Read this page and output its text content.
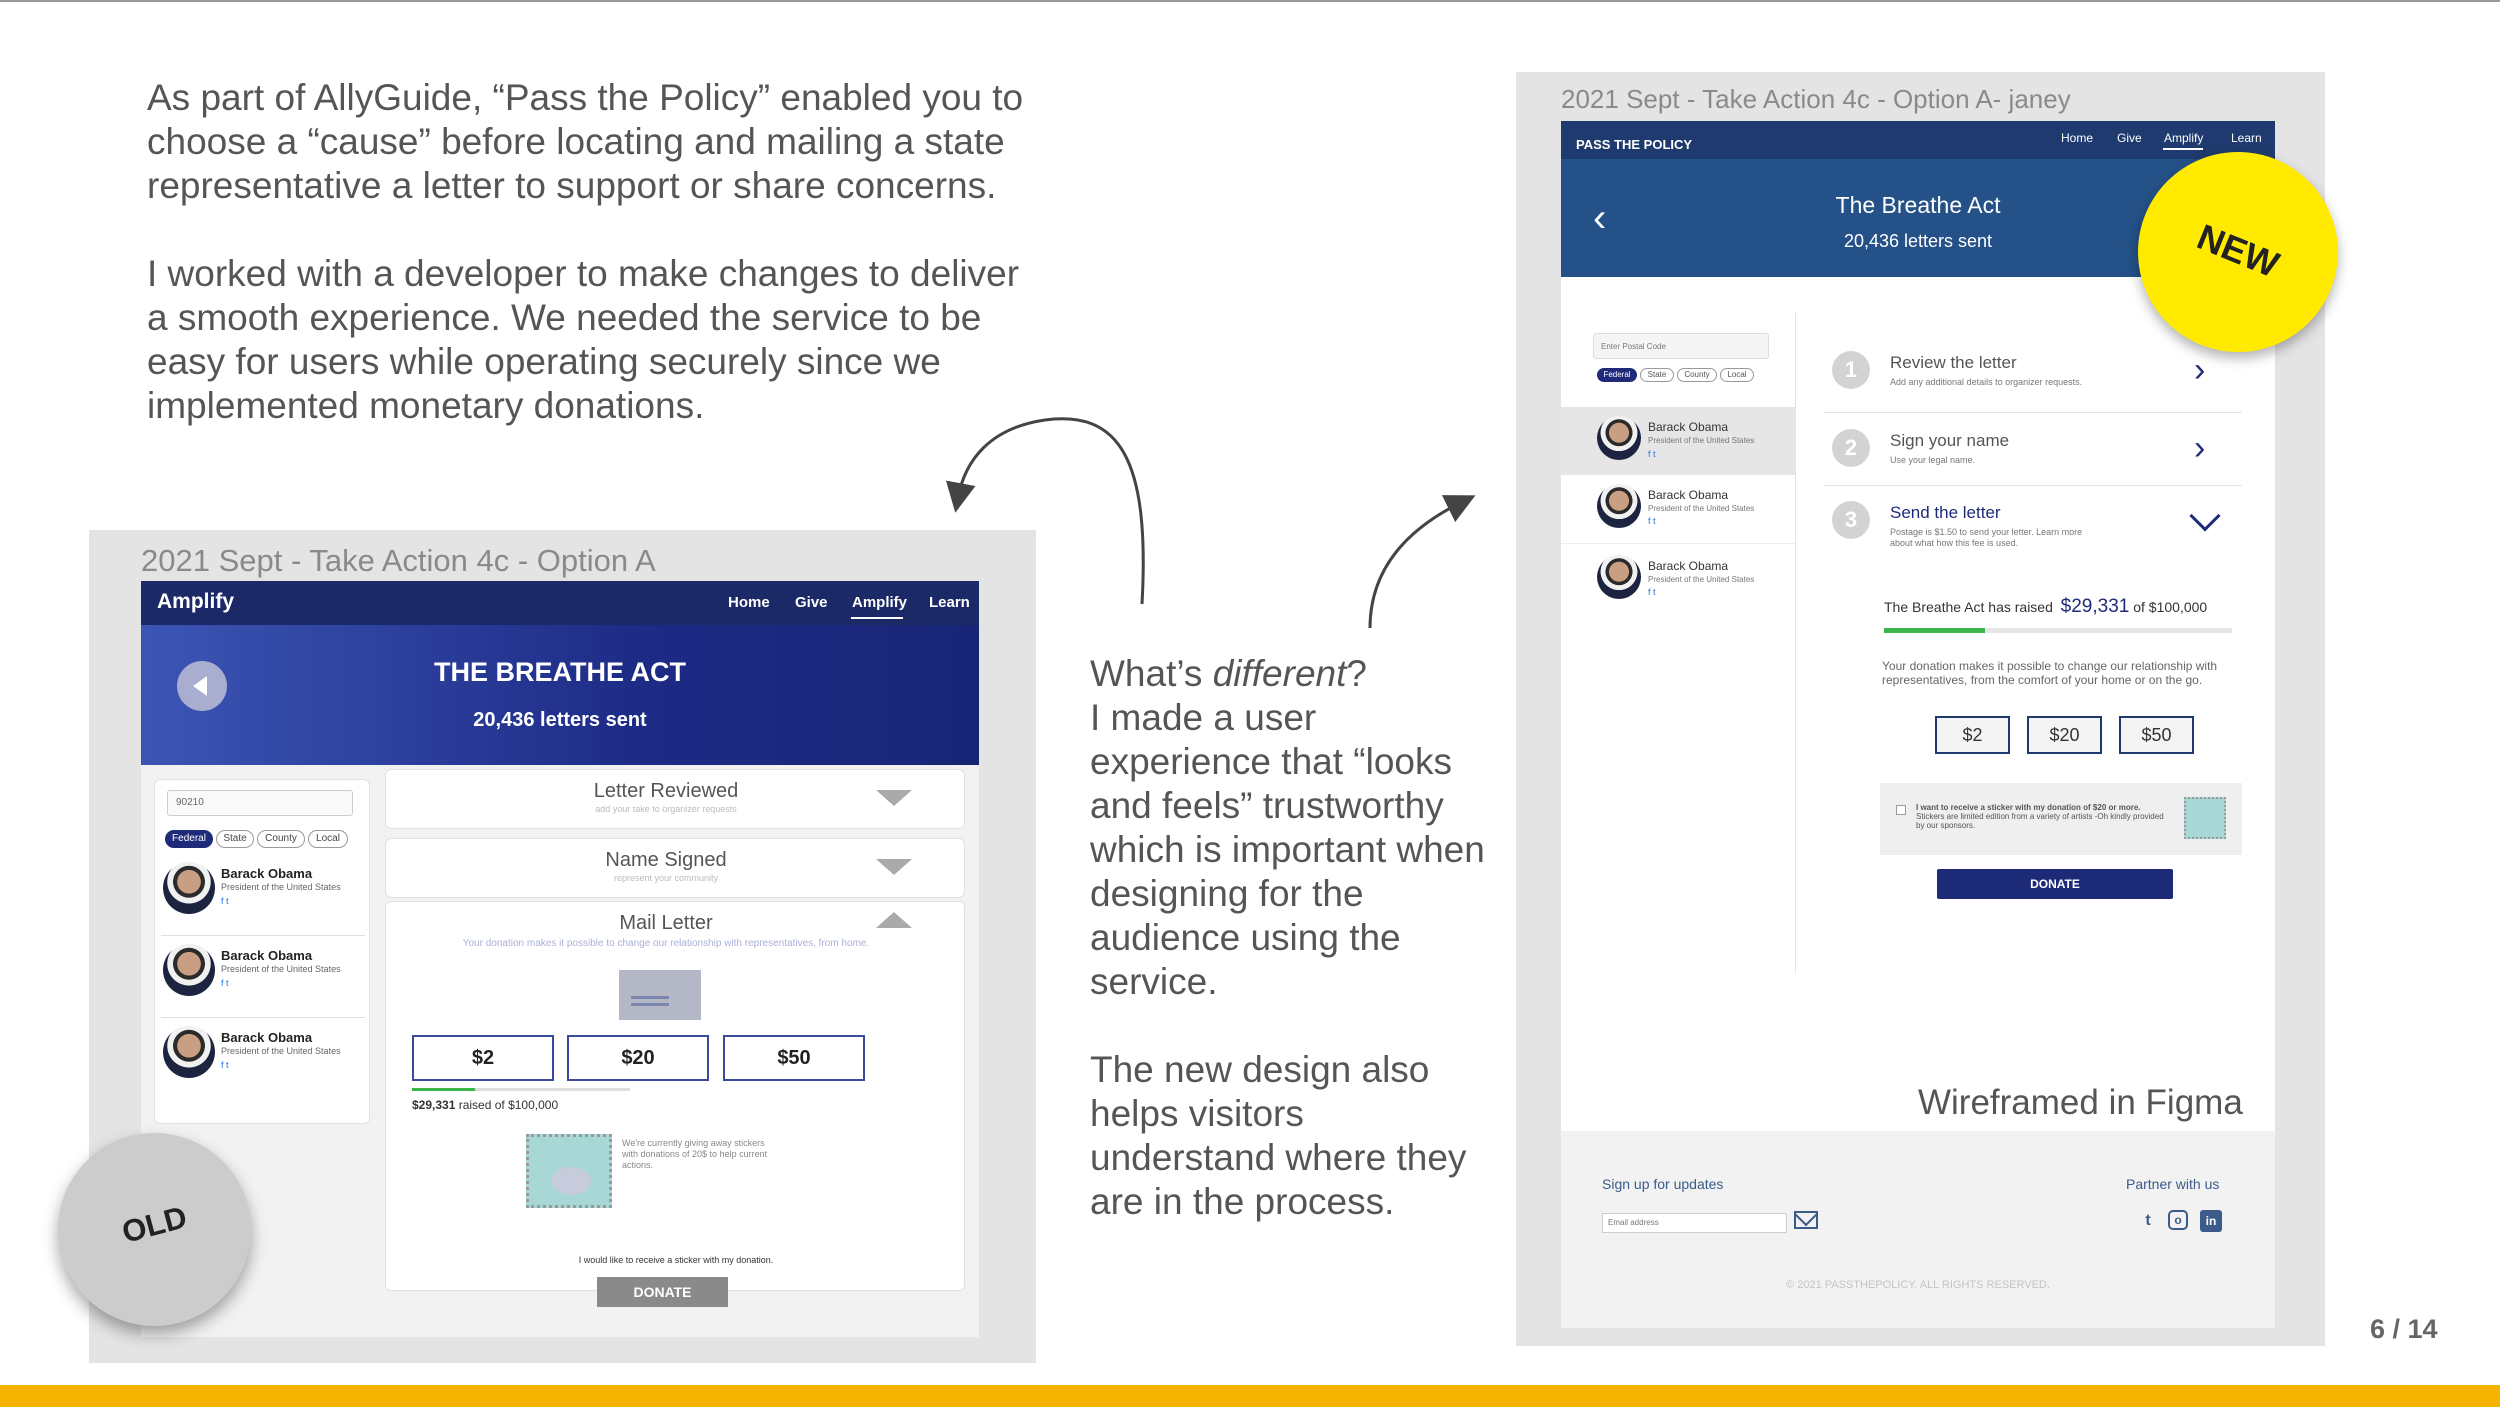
As part of AllyGuide, “Pass the Policy” enabled you to choose a “cause” before locating and mailing a state representative a letter to support or share concerns.

I worked with a developer to make changes to deliver a smooth experience. We needed the service to be easy for users while operating securely since we implemented monetary donations.

What’s different?
I made a user experience that “looks and feels” trustworthy which is important when designing for the audience using the service.

The new design also helps visitors understand where they are in the process.

2021 Sept - Take Action 4c - Option A
Amplify	Home Give Amplify Learn
THE BREATHE ACT
20,436 letters sent
90210
Federal	State	County	Local
Barack Obama
President of the United States
f t
Barack Obama
President of the United States
f t
Barack Obama
President of the United States
f t
Letter Reviewed
add your take to organizer requests
Name Signed
represent your community
Mail Letter
Your donation makes it possible to change our relationship with representatives, from home.
$2	$20	$50
$29,331 raised of $100,000
We're currently giving away stickers with donations of 20$ to help current actions.
I would like to receive a sticker with my donation.
DONATE
OLD
2021 Sept - Take Action 4c - Option A- janey
PASS THE POLICY	Home Give Amplify Learn
‹	The Breathe Act
20,436 letters sent
Enter Postal Code
Federal	State	County	Local
Barack Obama
President of the United States
f t
Barack Obama
President of the United States
f t
Barack Obama
President of the United States
f t
1	Review the letter
Add any additional details to organizer requests.	›
2	Sign your name
Use your legal name.	›
3	Send the letter
Postage is $1.50 to send your letter. Learn more about what how this fee is used.
The Breathe Act has raised $29,331 of $100,000
Your donation makes it possible to change our relationship with representatives, from the comfort of your home or on the go.
$2	$20	$50
I want to receive a sticker with my donation of $20 or more.
Stickers are limited edition from a variety of artists -Oh kindly provided by our sponsors.
DONATE
Wireframed in Figma
Sign up for updates
Email address
Partner with us
t	o	in
© 2021 PASSTHEPOLICY. ALL RIGHTS RESERVED.
NEW
6 / 14
